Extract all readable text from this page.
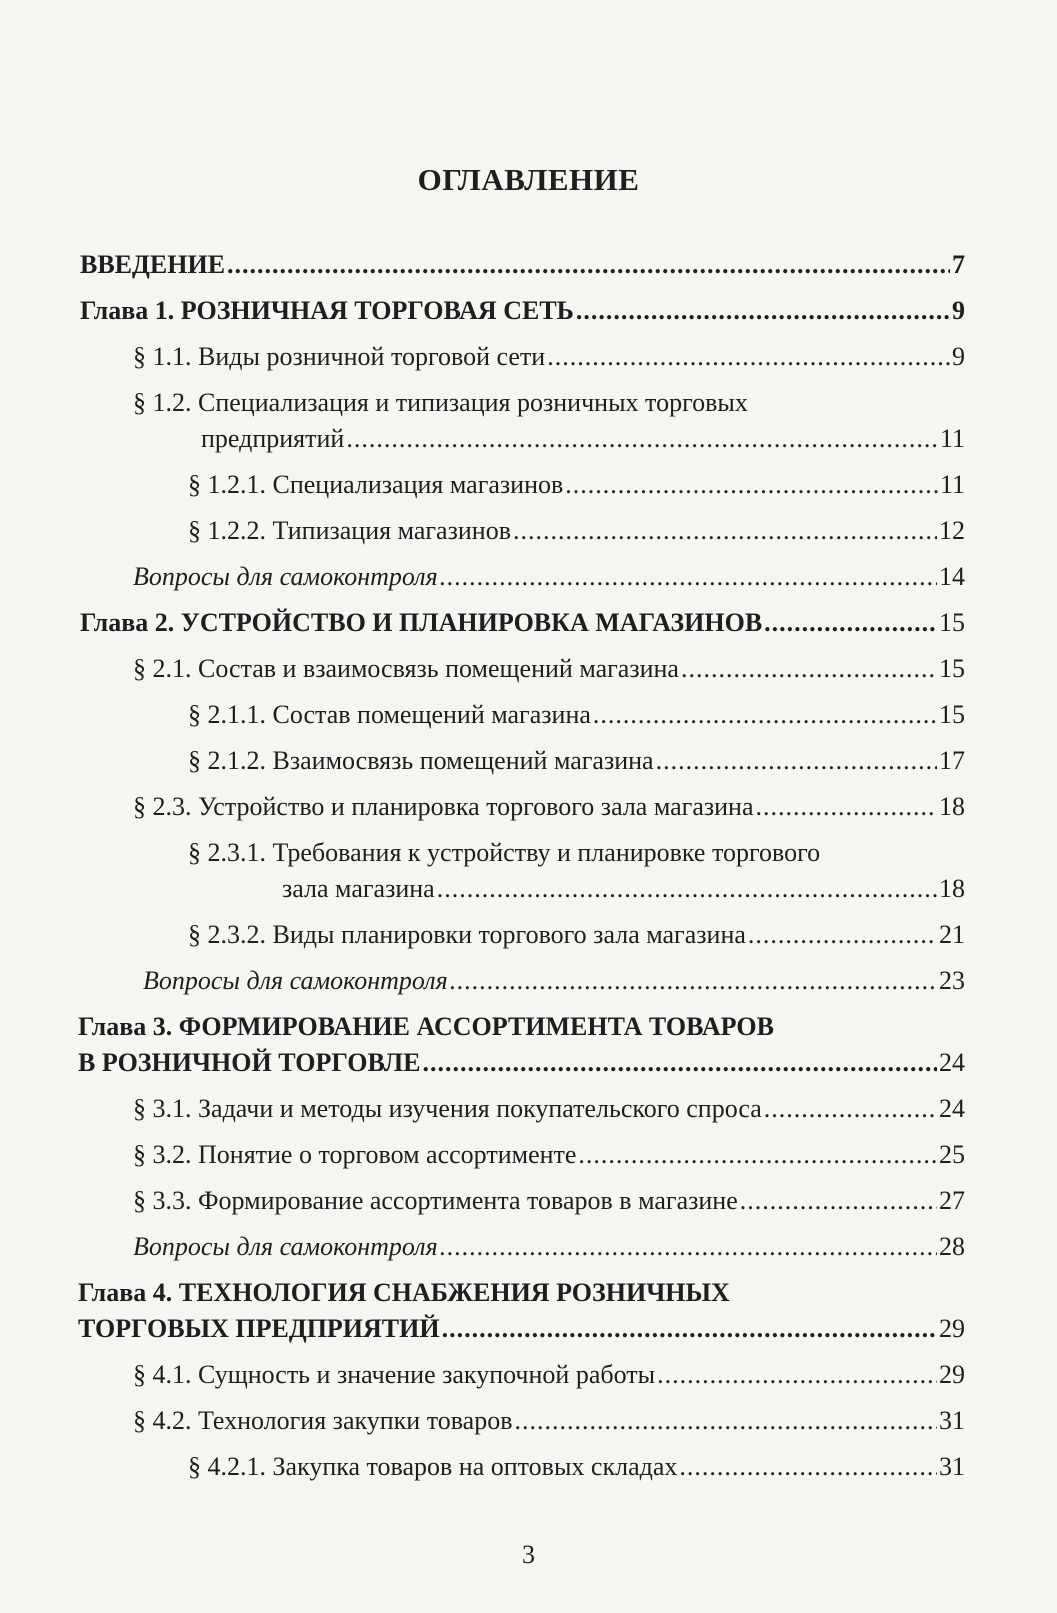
ОГЛАВЛЕНИЕ
ВВЕДЕНИЕ .....	7
Глава 1. РОЗНИЧНАЯ ТОРГОВАЯ СЕТЬ .....	9
§ 1.1. Виды розничной торговой сети .....	9
§ 1.2. Специализация и типизация розничных торговых
предприятий .....	11
§ 1.2.1. Специализация магазинов .....	11
§ 1.2.2. Типизация магазинов .....	12
Вопросы для самоконтроля .....	14
Глава 2. УСТРОЙСТВО И ПЛАНИРОВКА МАГАЗИНОВ .....	15
§ 2.1. Состав и взаимосвязь помещений магазина .....	15
§ 2.1.1. Состав помещений магазина .....	15
§ 2.1.2. Взаимосвязь помещений магазина .....	17
§ 2.3. Устройство и планировка торгового зала магазина .....	18
§ 2.3.1. Требования к устройству и планировке торгового
зала магазина .....	18
§ 2.3.2. Виды планировки торгового зала магазина .....	21
Вопросы для самоконтроля .....	23
Глава 3. ФОРМИРОВАНИЕ АССОРТИМЕНТА ТОВАРОВ
В РОЗНИЧНОЙ ТОРГОВЛЕ .....	24
§ 3.1. Задачи и методы изучения покупательского спроса .....	24
§ 3.2. Понятие о торговом ассортименте .....	25
§ 3.3. Формирование ассортимента товаров в магазине .....	27
Вопросы для самоконтроля .....	28
Глава 4. ТЕХНОЛОГИЯ СНАБЖЕНИЯ РОЗНИЧНЫХ
ТОРГОВЫХ ПРЕДПРИЯТИЙ .....	29
§ 4.1. Сущность и значение закупочной работы .....	29
§ 4.2. Технология закупки товаров .....	31
§ 4.2.1. Закупка товаров на оптовых складах .....	31
3
